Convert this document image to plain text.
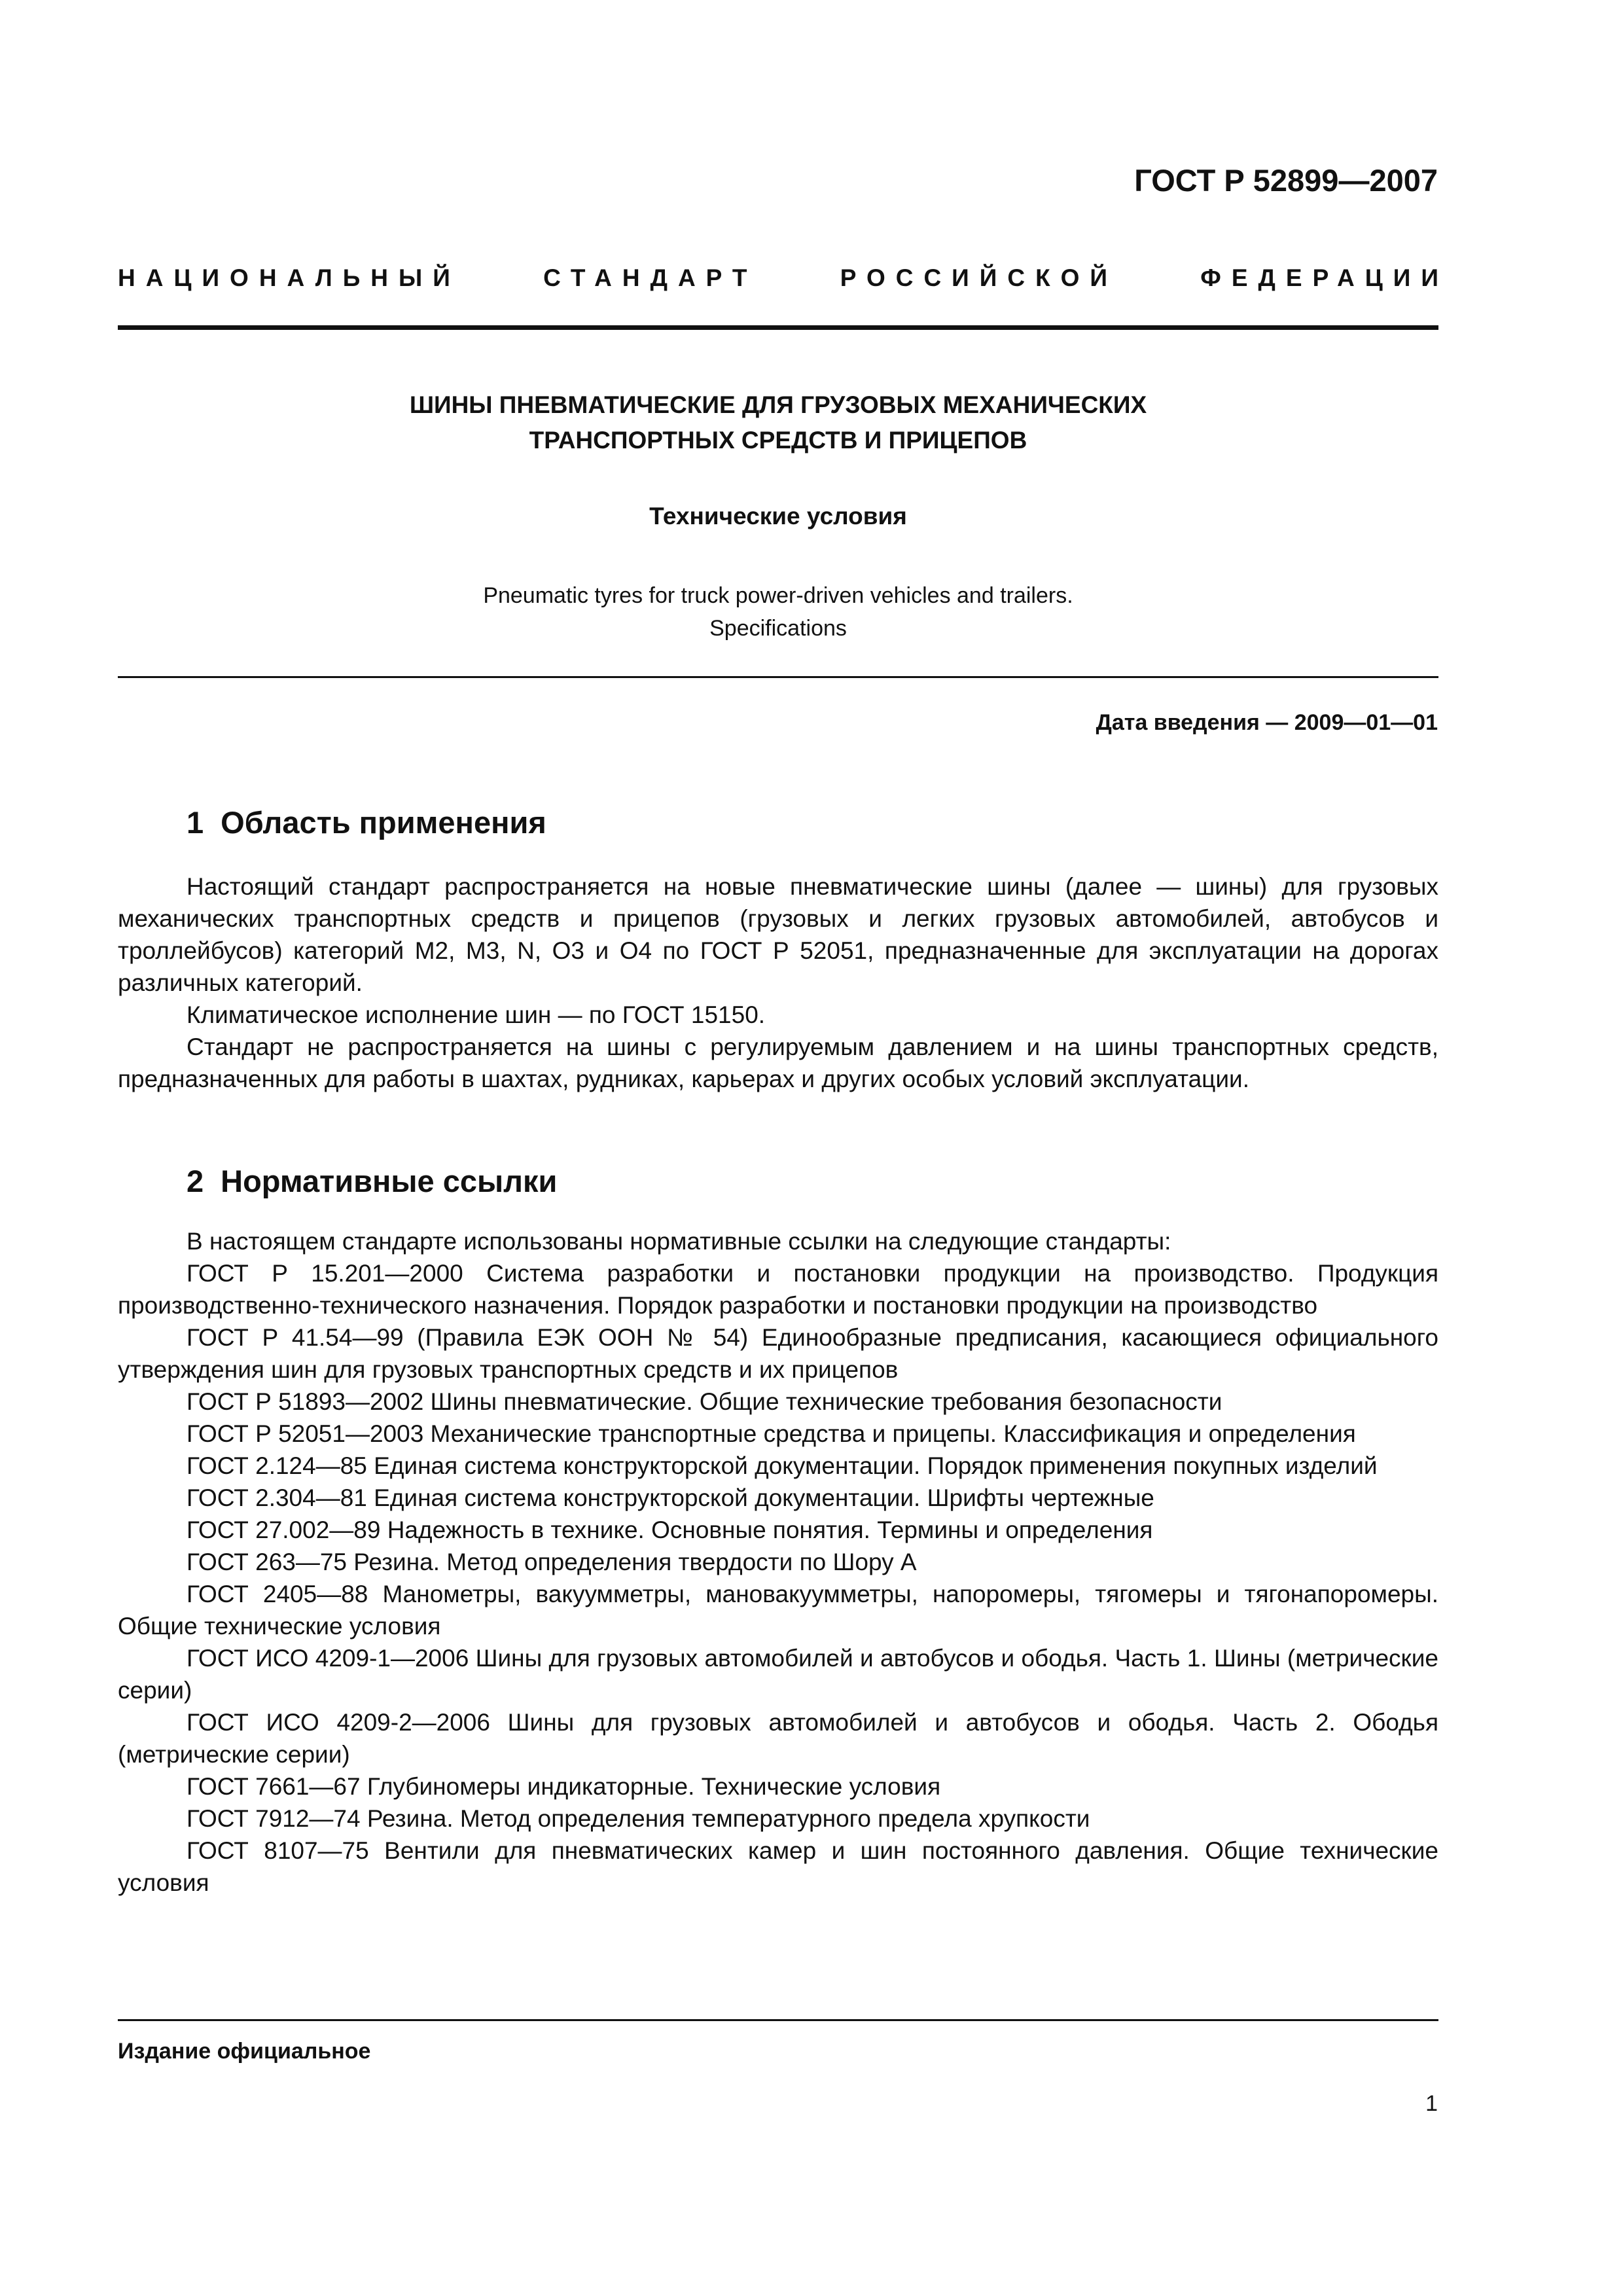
ГОСТ Р 52899—2007
НАЦИОНАЛЬНЫЙ	СТАНДАРТ	РОССИЙСКОЙ	ФЕДЕРАЦИИ
ШИНЫ ПНЕВМАТИЧЕСКИЕ ДЛЯ ГРУЗОВЫХ МЕХАНИЧЕСКИХ
ТРАНСПОРТНЫХ СРЕДСТВ И ПРИЦЕПОВ
Технические условия
Pneumatic tyres for truck power-driven vehicles and trailers.
Specifications
Дата введения — 2009—01—01
1 Область применения

Настоящий стандарт распространяется на новые пневматические шины (далее — шины) для грузовых механических транспортных средств и прицепов (грузовых и легких грузовых автомобилей, автобусов и троллейбусов) категорий М2, М3, N, O3 и O4 по ГОСТ Р 52051, предназначенные для эксплуатации на дорогах различных категорий.

Климатическое исполнение шин — по ГОСТ 15150.

Стандарт не распространяется на шины с регулируемым давлением и на шины транспортных средств, предназначенных для работы в шахтах, рудниках, карьерах и других особых условий эксплуатации.

2 Нормативные ссылки

В настоящем стандарте использованы нормативные ссылки на следующие стандарты:

ГОСТ Р 15.201—2000 Система разработки и постановки продукции на производство. Продукция производственно-технического назначения. Порядок разработки и постановки продукции на производство

ГОСТ Р 41.54—99 (Правила ЕЭК ООН № 54) Единообразные предписания, касающиеся официального утверждения шин для грузовых транспортных средств и их прицепов

ГОСТ Р 51893—2002 Шины пневматические. Общие технические требования безопасности

ГОСТ Р 52051—2003 Механические транспортные средства и прицепы. Классификация и определения

ГОСТ 2.124—85 Единая система конструкторской документации. Порядок применения покупных изделий

ГОСТ 2.304—81 Единая система конструкторской документации. Шрифты чертежные

ГОСТ 27.002—89 Надежность в технике. Основные понятия. Термины и определения

ГОСТ 263—75 Резина. Метод определения твердости по Шору А

ГОСТ 2405—88 Манометры, вакуумметры, мановакуумметры, напоромеры, тягомеры и тягонапоромеры. Общие технические условия

ГОСТ ИСО 4209-1—2006 Шины для грузовых автомобилей и автобусов и ободья. Часть 1. Шины (метрические серии)

ГОСТ ИСО 4209-2—2006 Шины для грузовых автомобилей и автобусов и ободья. Часть 2. Ободья (метрические серии)

ГОСТ 7661—67 Глубиномеры индикаторные. Технические условия

ГОСТ 7912—74 Резина. Метод определения температурного предела хрупкости

ГОСТ 8107—75 Вентили для пневматических камер и шин постоянного давления. Общие технические условия

Издание официальное
1
